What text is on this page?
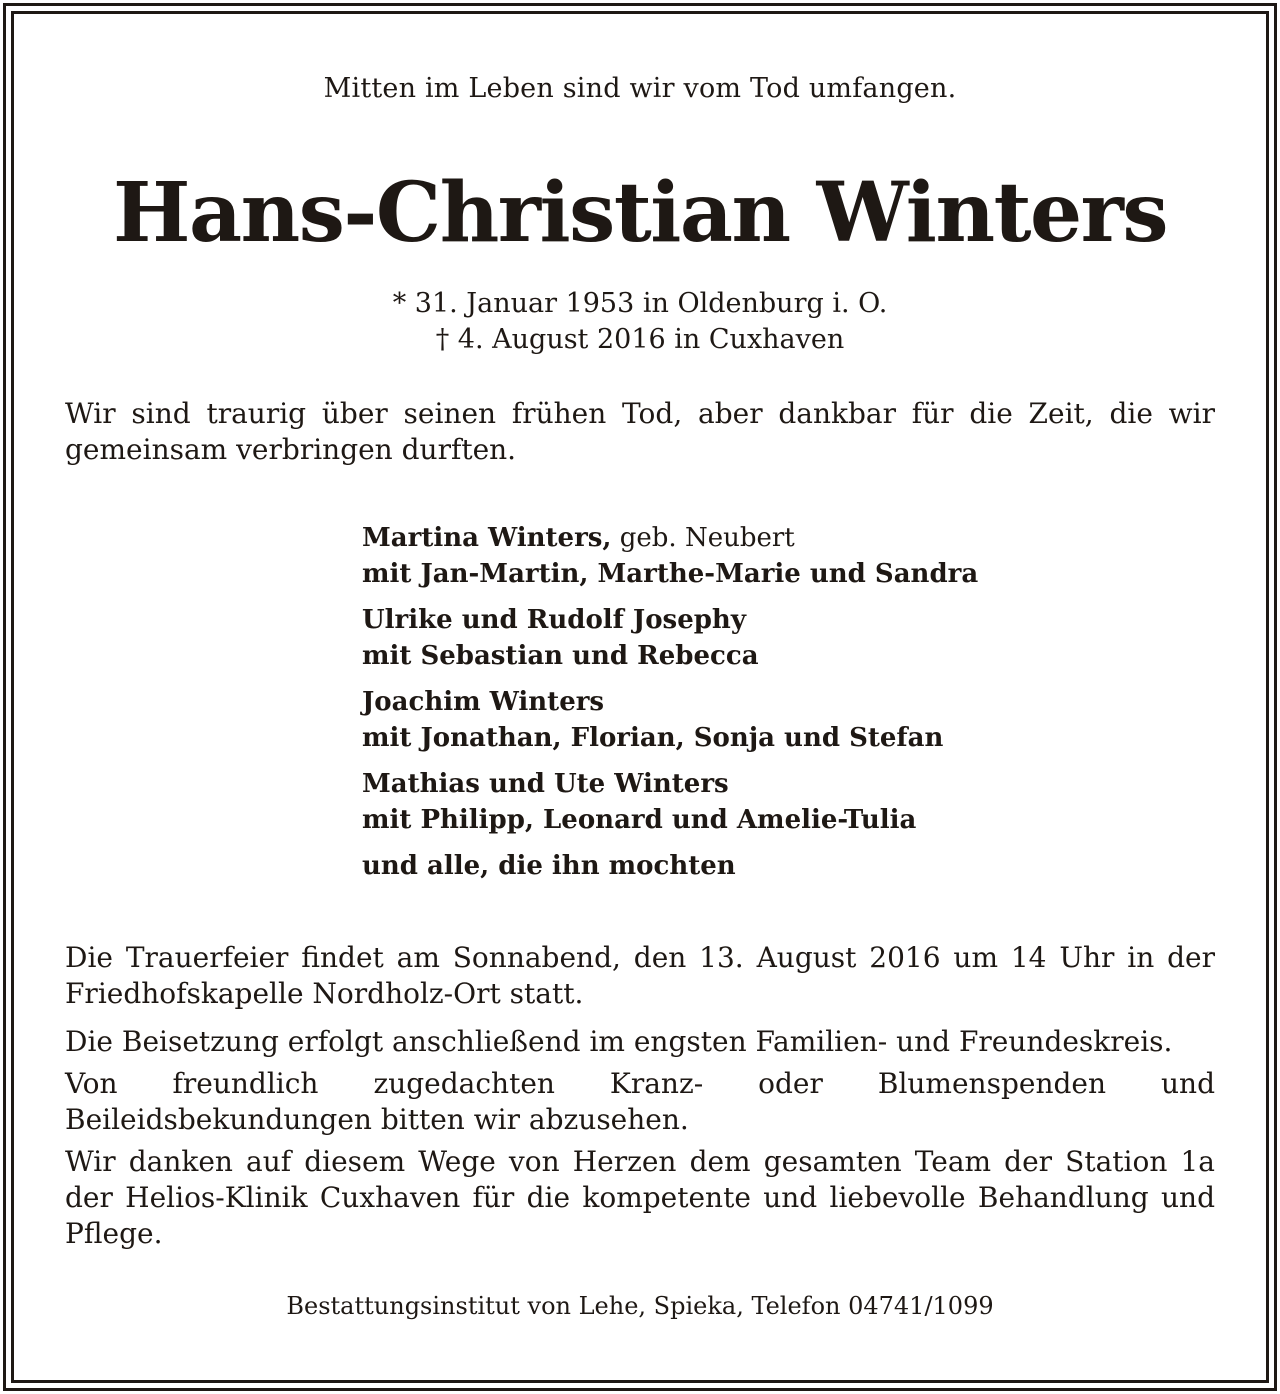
Mitten im Leben sind wir vom Tod umfangen.
Hans-Christian Winters
* 31. Januar 1953 in Oldenburg i. O.
† 4. August 2016 in Cuxhaven
Wir sind traurig über seinen frühen Tod, aber dankbar für die Zeit, die wir gemeinsam verbringen durften.
Martina Winters, geb. Neubert
mit Jan-Martin, Marthe-Marie und Sandra
Ulrike und Rudolf Josephy
mit Sebastian und Rebecca
Joachim Winters
mit Jonathan, Florian, Sonja und Stefan
Mathias und Ute Winters
mit Philipp, Leonard und Amelie-Tulia
und alle, die ihn mochten
Die Trauerfeier findet am Sonnabend, den 13. August 2016 um 14 Uhr in der Friedhofskapelle Nordholz-Ort statt.
Die Beisetzung erfolgt anschließend im engsten Familien- und Freundeskreis.
Von freundlich zugedachten Kranz- oder Blumenspenden und Beileidsbekundungen bitten wir abzusehen.
Wir danken auf diesem Wege von Herzen dem gesamten Team der Station 1a der Helios-Klinik Cuxhaven für die kompetente und liebevolle Behandlung und Pflege.
Bestattungsinstitut von Lehe, Spieka, Telefon 04741/1099
